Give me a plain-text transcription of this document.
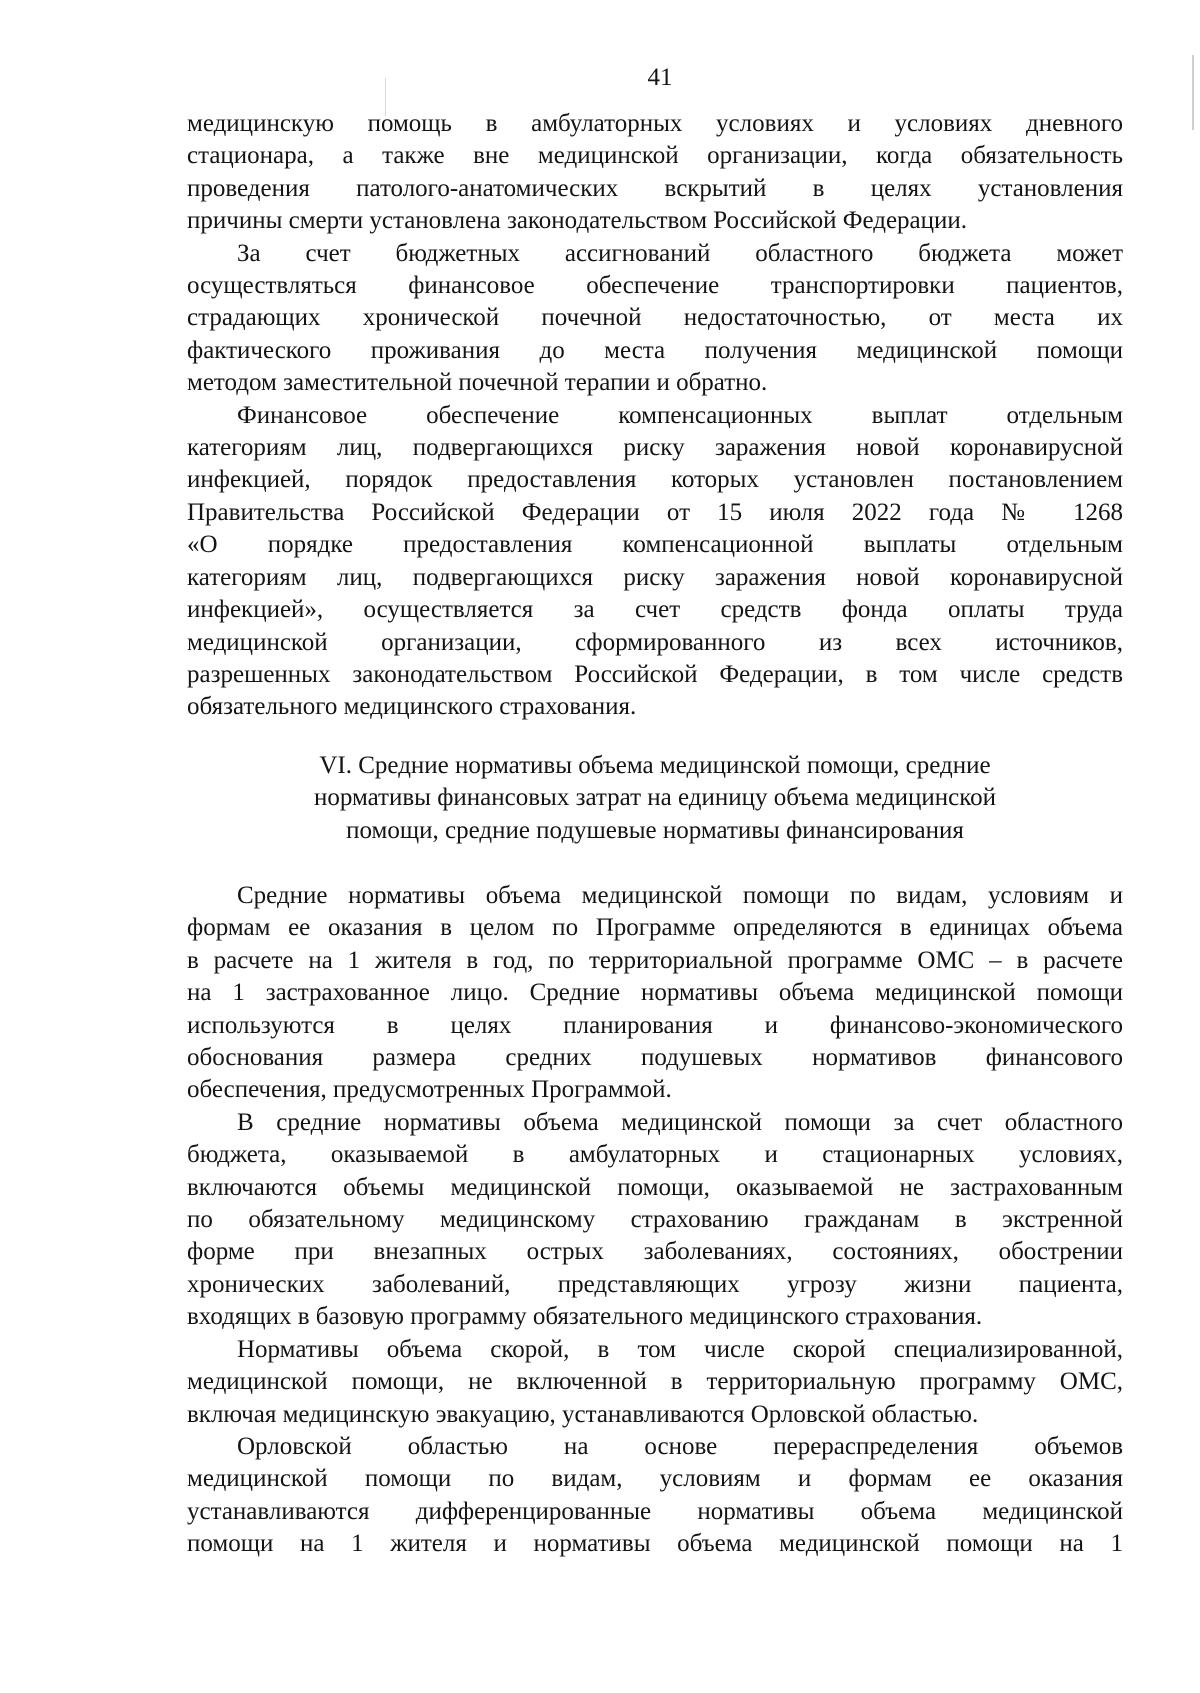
41
медицинскую помощь в амбулаторных условиях и условиях дневного
стационара, а также вне медицинской организации, когда обязательность
проведения патолого-анатомических вскрытий в целях установления
причины смерти установлена законодательством Российской Федерации.
За счет бюджетных ассигнований областного бюджета может
осуществляться финансовое обеспечение транспортировки пациентов,
страдающих хронической почечной недостаточностью, от места их
фактического проживания до места получения медицинской помощи
методом заместительной почечной терапии и обратно.
Финансовое обеспечение компенсационных выплат отдельным
категориям лиц, подвергающихся риску заражения новой коронавирусной
инфекцией, порядок предоставления которых установлен постановлением
Правительства Российской Федерации от 15 июля 2022 года № 1268
«О порядке предоставления компенсационной выплаты отдельным
категориям лиц, подвергающихся риску заражения новой коронавирусной
инфекцией», осуществляется за счет средств фонда оплаты труда
медицинской организации, сформированного из всех источников,
разрешенных законодательством Российской Федерации, в том числе средств
обязательного медицинского страхования.
VI. Средние нормативы объема медицинской помощи, средние
нормативы финансовых затрат на единицу объема медицинской
помощи, средние подушевые нормативы финансирования
Средние нормативы объема медицинской помощи по видам, условиям и
формам ее оказания в целом по Программе определяются в единицах объема
в расчете на 1 жителя в год, по территориальной программе ОМС – в расчете
на 1 застрахованное лицо. Средние нормативы объема медицинской помощи
используются в целях планирования и финансово-экономического
обоснования размера средних подушевых нормативов финансового
обеспечения, предусмотренных Программой.
В средние нормативы объема медицинской помощи за счет областного
бюджета, оказываемой в амбулаторных и стационарных условиях,
включаются объемы медицинской помощи, оказываемой не застрахованным
по обязательному медицинскому страхованию гражданам в экстренной
форме при внезапных острых заболеваниях, состояниях, обострении
хронических заболеваний, представляющих угрозу жизни пациента,
входящих в базовую программу обязательного медицинского страхования.
Нормативы объема скорой, в том числе скорой специализированной,
медицинской помощи, не включенной в территориальную программу ОМС,
включая медицинскую эвакуацию, устанавливаются Орловской областью.
Орловской областью на основе перераспределения объемов
медицинской помощи по видам, условиям и формам ее оказания
устанавливаются дифференцированные нормативы объема медицинской
помощи на 1 жителя и нормативы объема медицинской помощи на 1
